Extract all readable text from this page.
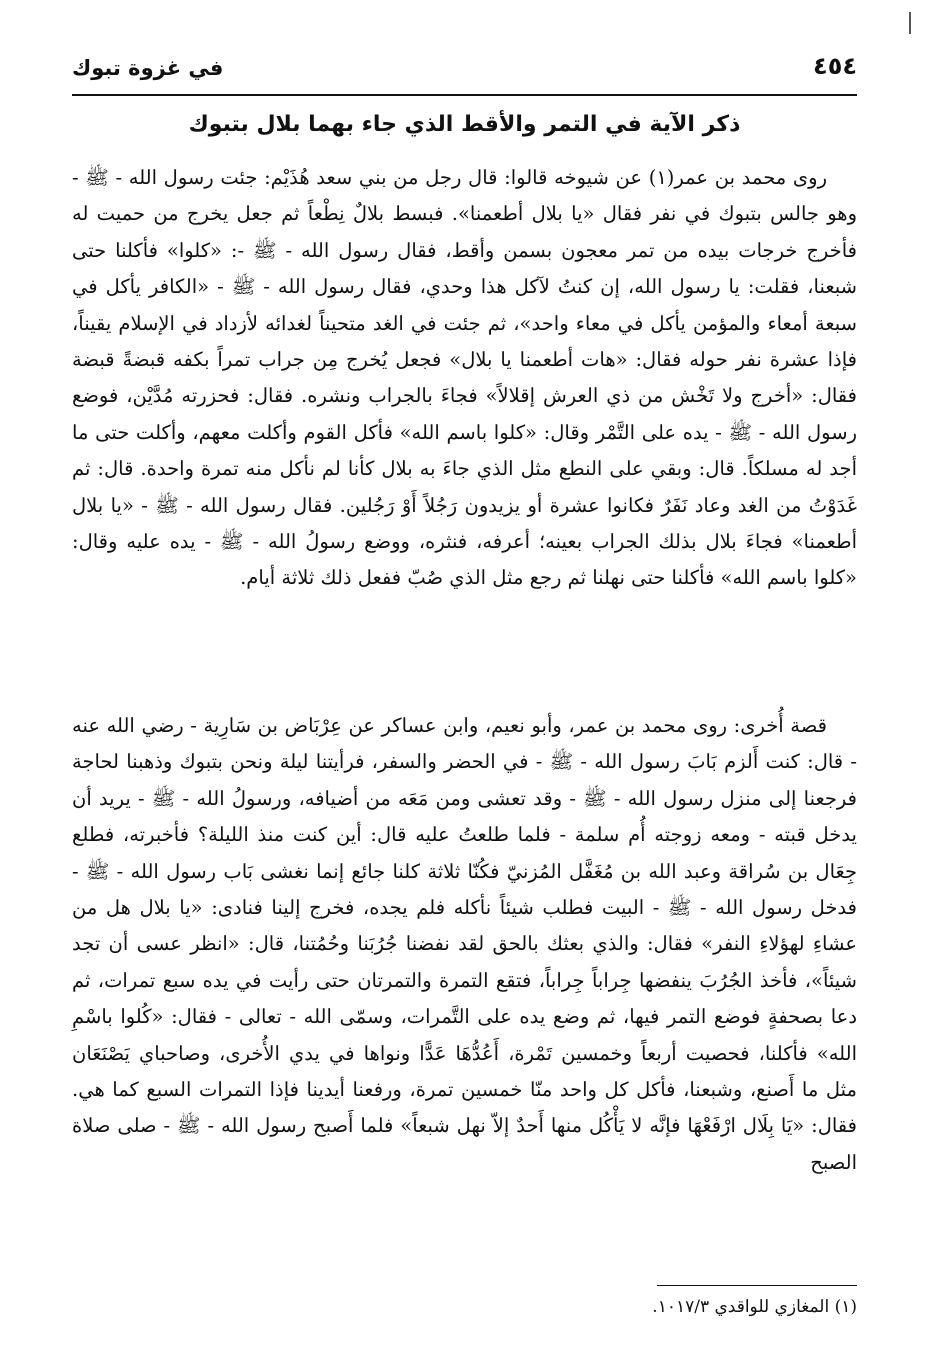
٤٥٤
في غزوة تبوك
ذكر الآية في التمر والأقط الذي جاء بهما بلال بتبوك

روى محمد بن عمر(١) عن شيوخه قالوا: قال رجل من بني سعد هُذَيْم: جئت رسول الله - ﷺ - وهو جالس بتبوك في نفر فقال «يا بلال أطعمنا». فبسط بلالٌ نِطْعاً ثم جعل يخرج من حميت له فأخرج خرجات بيده من تمر معجون بسمن وأقط، فقال رسول الله - ﷺ -: «كلوا» فأكلنا حتى شبعنا، فقلت: يا رسول الله، إن كنتُ لآكل هذا وحدي، فقال رسول الله - ﷺ - «الكافر يأكل في سبعة أمعاء والمؤمن يأكل في معاء واحد»، ثم جئت في الغد متحيناً لغدائه لأزداد في الإسلام يقيناً، فإذا عشرة نفر حوله فقال: «هات أطعمنا يا بلال» فجعل يُخرج مِن جراب تمراً بكفه قبضةً قبضة فقال: «أخرج ولا تَخْش من ذي العرش إقلالاً» فجاءَ بالجراب ونشره. فقال: فحزرته مُدَّيْن، فوضع رسول الله - ﷺ - يده على التَّمْر وقال: «كلوا باسم الله» فأكل القوم وأكلت معهم، وأكلت حتى ما أجد له مسلكاً. قال: وبقي على النطع مثل الذي جاءَ به بلال كأنا لم نأكل منه تمرة واحدة. قال: ثم غَدَوْتُ من الغد وعاد نَفَرٌ فكانوا عشرة أو يزيدون رَجُلاً أَوْ رَجُلين. فقال رسول الله - ﷺ - «يا بلال أطعمنا» فجاءَ بلال بذلك الجراب بعينه؛ أعرفه، فنثره، ووضع رسولُ الله - ﷺ - يده عليه وقال: «كلوا باسم الله» فأكلنا حتى نهلنا ثم رجع مثل الذي صُبّ ففعل ذلك ثلاثة أيام.

قصة أُخرى: روى محمد بن عمر، وأبو نعيم، وابن عساكر عن عِرْبَاض بن سَارِية - رضي الله عنه - قال: كنت أَلزم بَابَ رسول الله - ﷺ - في الحضر والسفر، فرأيتنا ليلة ونحن بتبوك وذهبنا لحاجة فرجعنا إلى منزل رسول الله - ﷺ - وقد تعشى ومن مَعَه من أضيافه، ورسولُ الله - ﷺ - يريد أن يدخل قبته - ومعه زوجته أُم سلمة - فلما طلعتُ عليه قال: أين كنت منذ الليلة؟ فأخبرته، فطلع جِعَال بن سُراقة وعبد الله بن مُغَفَّل المُزنيّ فكُنّا ثلاثة كلنا جائع إنما نغشى بَاب رسول الله - ﷺ - فدخل رسول الله - ﷺ - البيت فطلب شيئاً نأكله فلم يجده، فخرج إلينا فنادى: «يا بلال هل من عشاءِ لهؤلاءِ النفر» فقال: والذي بعثك بالحق لقد نفضنا جُرُبَنا وحُمُتنا، قال: «انظر عسى أن تجد شيئاً»، فأخذ الجُرُبَ ينفضها جِراباً جِراباً، فتقع التمرة والتمرتان حتى رأيت في يده سبع تمرات، ثم دعا بصحفةٍ فوضع التمر فيها، ثم وضع يده على التَّمرات، وسمّى الله - تعالى - فقال: «كُلوا باسْمِ الله» فأكلنا، فحصيت أربعاً وخمسين تَمْرة، أَعُدُّهَا عَدًّا ونواها في يدي الأُخرى، وصاحباي يَصْنَعَان مثل ما أَصنع، وشبعنا، فأكل كل واحد منّا خمسين تمرة، ورفعنا أيدينا فإذا التمرات السبع كما هي. فقال: «يَا بِلَال ارْفَعْهَا فإنَّه لا يَأْكُل منها أَحدٌ إلاّ نهل شبعاً» فلما أَصبح رسول الله - ﷺ - صلى صلاة الصبح

(١) المغازي للواقدي ١٠١٧/٣.
